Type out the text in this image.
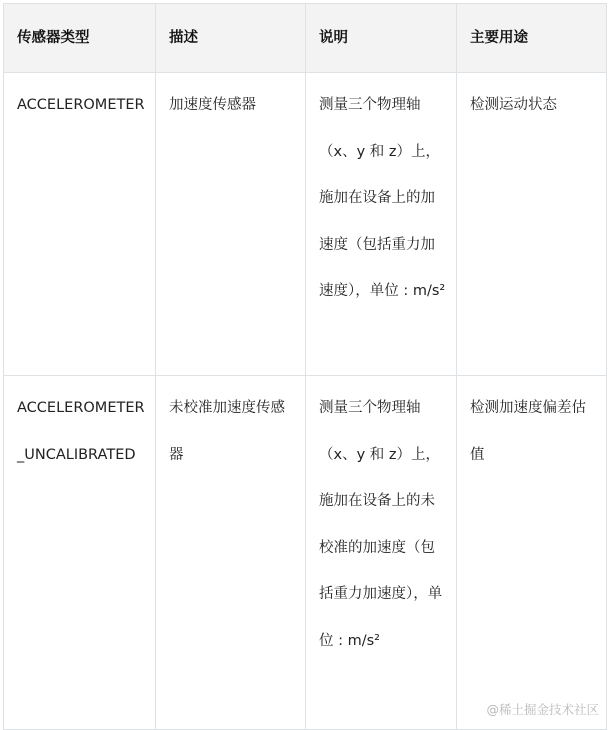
传感器类型	描述	说明	主要用途
ACCELEROMETER	加速度传感器	测量三个物理轴（x、y 和 z）上，施加在设备上的加速度（包括重力加速度），单位 : m/s²	检测运动状态
ACCELEROMETER_UNCALIBRATED	未校准加速度传感器	测量三个物理轴（x、y 和 z）上，施加在设备上的未校准的加速度（包括重力加速度），单位 : m/s²	检测加速度偏差估值
@稀土掘金技术社区
